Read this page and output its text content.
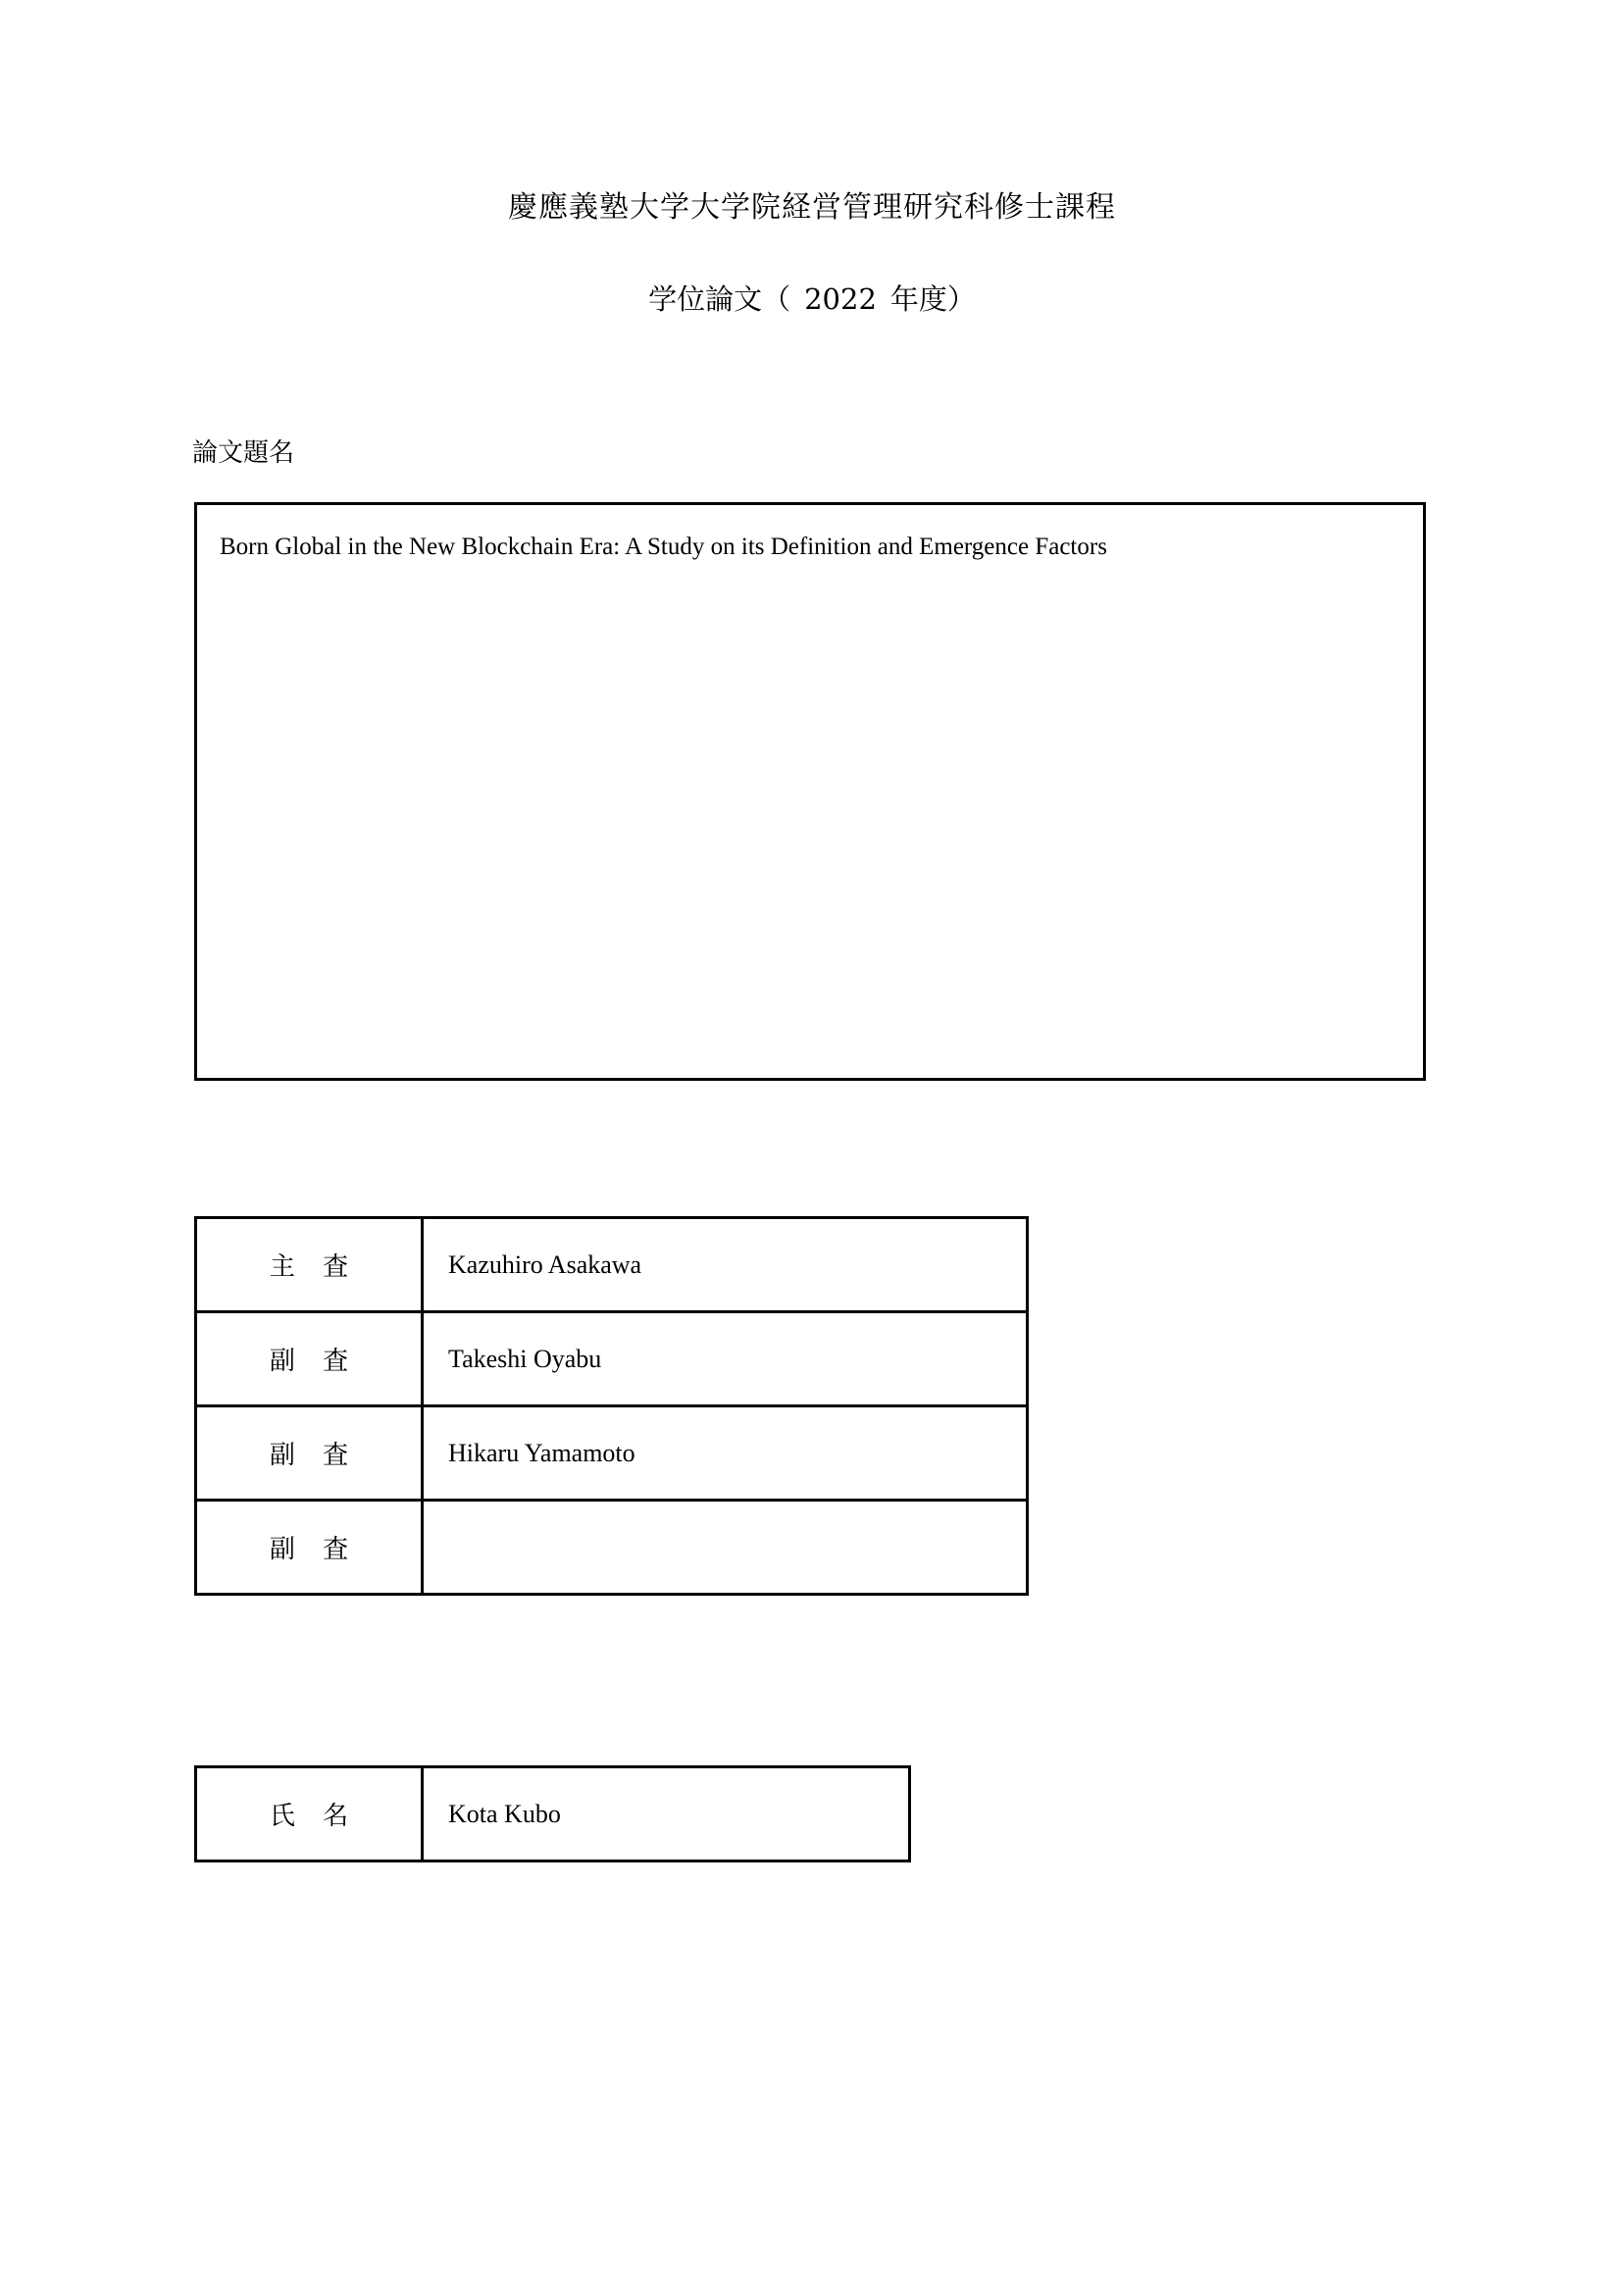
慶應義塾大学大学院経営管理研究科修士課程
学位論文（ 2022 年度）
論文題名
Born Global in the New Blockchain Era: A Study on its Definition and Emergence Factors
主 査	Kazuhiro Asakawa
副 査	Takeshi Oyabu
副 査	Hikaru Yamamoto
副 査	
氏 名	Kota Kubo
